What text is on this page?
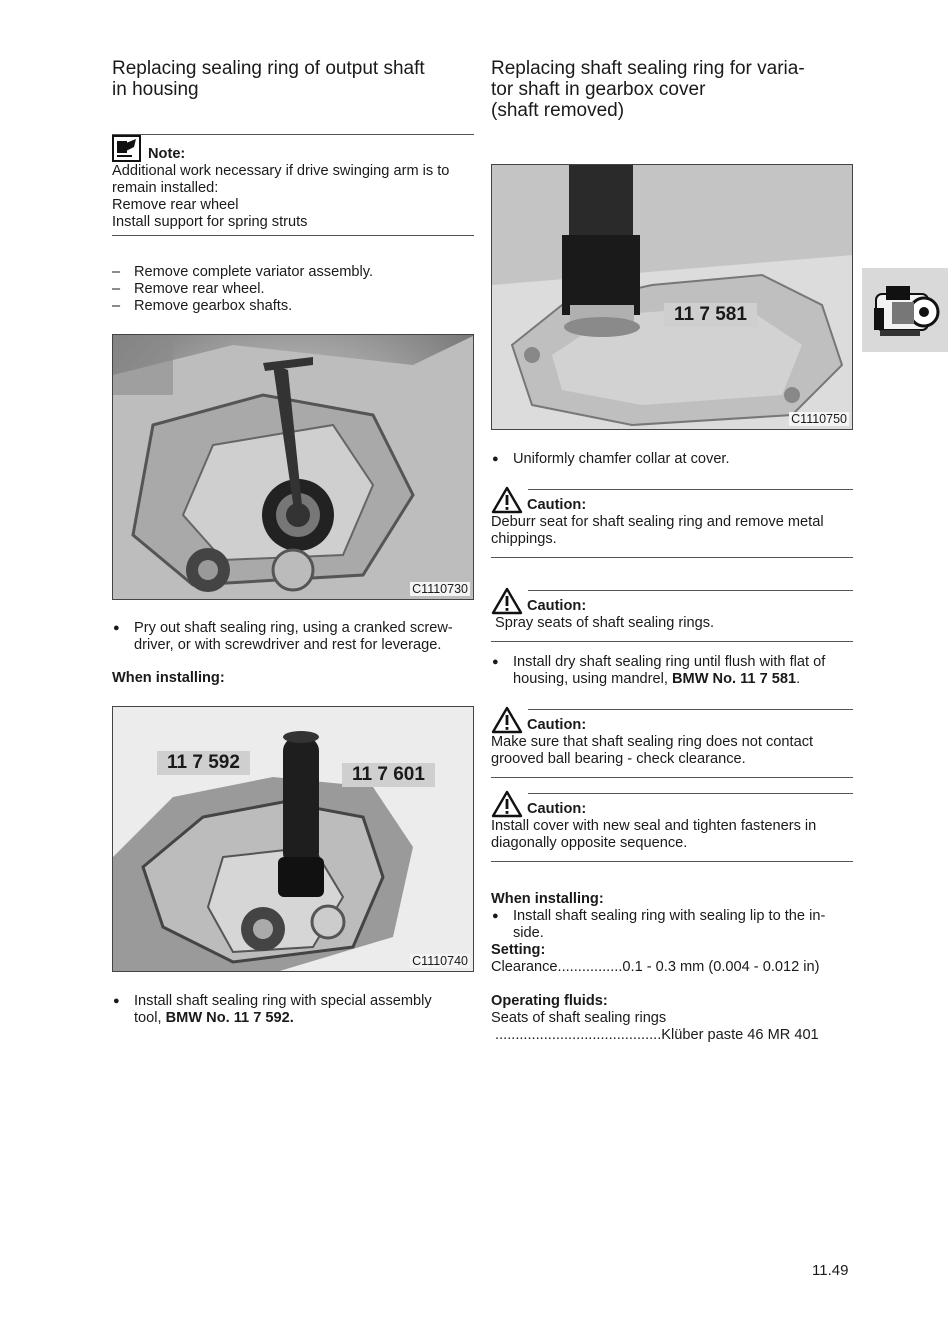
Replacing sealing ring of output shaft
in housing
Note:
Additional work necessary if drive swinging arm is to
remain installed:
Remove rear wheel
Install support for spring struts
– Remove complete variator assembly.
– Remove rear wheel.
– Remove gearbox shafts.
C1110730
● Pry out shaft sealing ring, using a cranked screw-
driver, or with screwdriver and rest for leverage.
When installing:
11 7 592
11 7 601
C1110740
● Install shaft sealing ring with special assembly
tool, BMW No. 11 7 592.
Replacing shaft sealing ring for varia-
tor shaft in gearbox cover
(shaft removed)
11 7 581
C1110750
● Uniformly chamfer collar at cover.
Caution:
Deburr seat for shaft sealing ring and remove metal
chippings.
Caution:
Spray seats of shaft sealing rings.
● Install dry shaft sealing ring until flush with flat of
housing, using mandrel, BMW No. 11 7 581.
Caution:
Make sure that shaft sealing ring does not contact
grooved ball bearing - check clearance.
Caution:
Install cover with new seal and tighten fasteners in
diagonally opposite sequence.
When installing:
● Install shaft sealing ring with sealing lip to the in-
side.
Setting:
Clearance................0.1 - 0.3 mm (0.004 - 0.012 in)
Operating fluids:
Seats of shaft sealing rings
.........................................Klüber paste 46 MR 401
11.49
